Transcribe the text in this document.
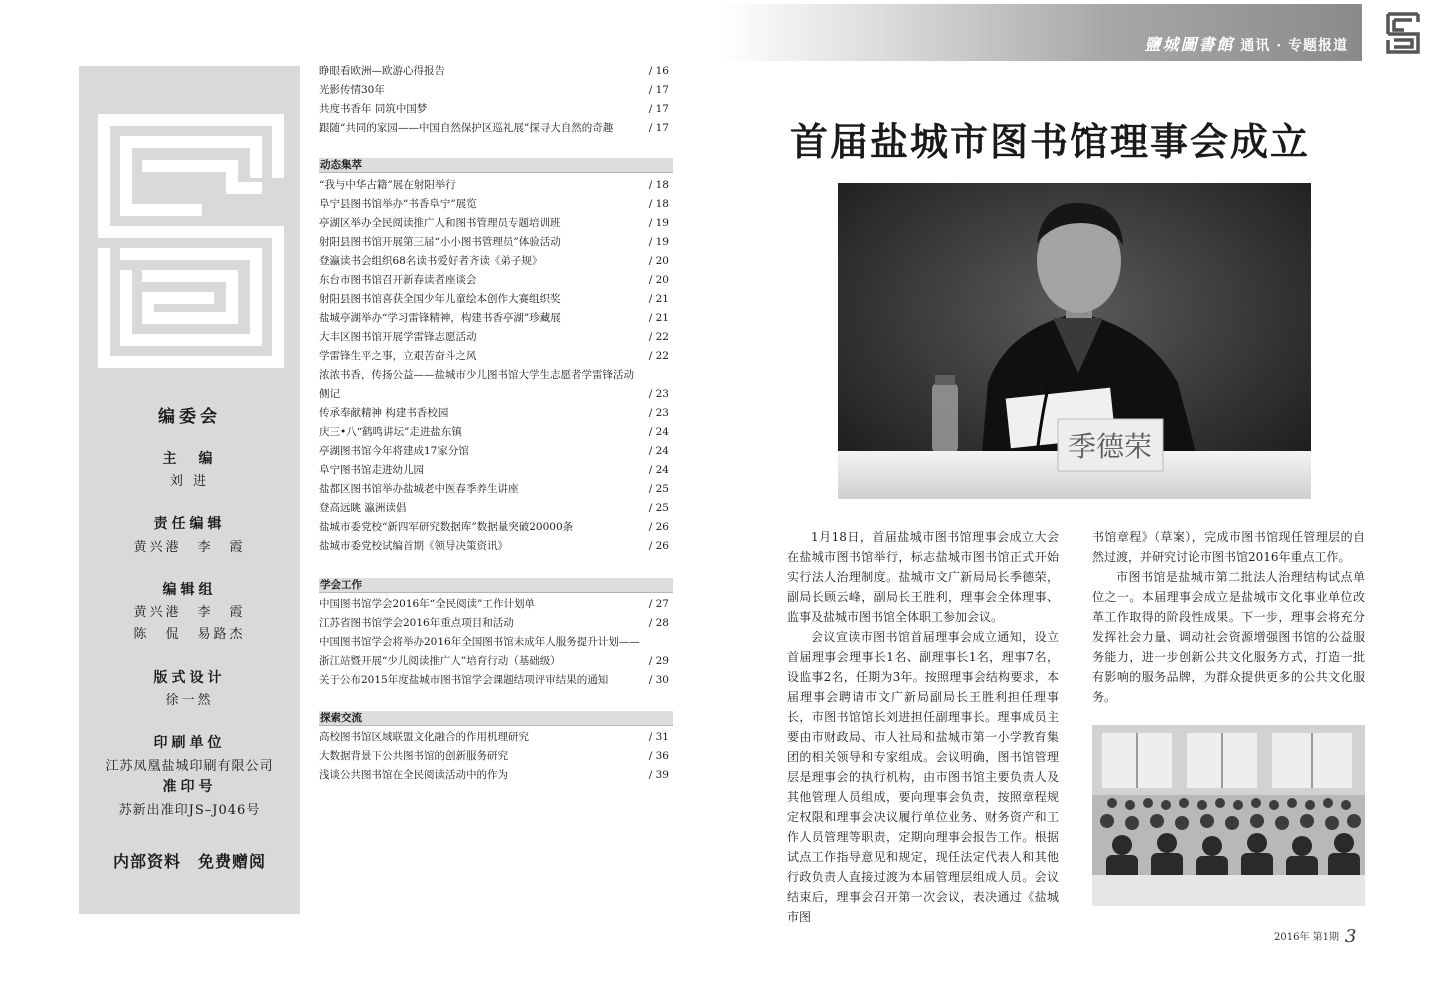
编委会
主　编
刘 进
责任编辑
黄兴港　李　霞
编辑组
黄兴港　李　霞
陈　侃　易路杰
版式设计
徐一然
印刷单位
江苏凤凰盐城印刷有限公司
准印号
苏新出准印JS–J046号
内部资料　免费赠阅
睁眼看欧洲—欧游心得报告	/ 16
光影传情30年	/ 17
共度书香年 同筑中国梦	/ 17
跟随“共同的家园——中国自然保护区巡礼展”探寻大自然的奇趣	/ 17
动态集萃
“我与中华古籍”展在射阳举行	/ 18
阜宁县图书馆举办“书香阜宁”展览	/ 18
亭湖区举办全民阅读推广人和图书管理员专题培训班	/ 19
射阳县图书馆开展第三届“小小图书管理员”体验活动	/ 19
登瀛读书会组织68名读书爱好者齐读《弟子规》	/ 20
东台市图书馆召开新春读者座谈会	/ 20
射阳县图书馆喜获全国少年儿童绘本创作大赛组织奖	/ 21
盐城亭湖举办“学习雷锋精神，构建书香亭湖”珍藏展	/ 21
大丰区图书馆开展学雷锋志愿活动	/ 22
学雷锋生平之事，立艰苦奋斗之风	/ 22
浓浓书香，传扬公益——盐城市少儿图书馆大学生志愿者学雷锋活动
侧记	/ 23
传承奉献精神 构建书香校园	/ 23
庆三•八“鹤鸣讲坛”走进盐东镇	/ 24
亭湖图书馆今年将建成17家分馆	/ 24
阜宁图书馆走进幼儿园	/ 24
盐都区图书馆举办盐城老中医春季养生讲座	/ 25
登高远眺 瀛洲读倡	/ 25
盐城市委党校“新四军研究数据库”数据量突破20000条	/ 26
盐城市委党校试编首期《领导决策资讯》	/ 26
学会工作
中国图书馆学会2016年“全民阅读”工作计划单	/ 27
江苏省图书馆学会2016年重点项目和活动	/ 28
中国图书馆学会将举办2016年全国图书馆未成年人服务提升计划——
浙江站暨开展“少儿阅读推广人”培育行动（基础级）	/ 29
关于公布2015年度盐城市图书馆学会课题结项评审结果的通知	/ 30
探索交流
高校图书馆区域联盟文化融合的作用机理研究	/ 31
大数据背景下公共图书馆的创新服务研究	/ 36
浅谈公共图书馆在全民阅读活动中的作为	/ 39
鹽城圖書館 通讯 · 专题报道
首届盐城市图书馆理事会成立
季德荣

1月18日，首届盐城市图书馆理事会成立大会在盐城市图书馆举行，标志盐城市图书馆正式开始实行法人治理制度。盐城市文广新局局长季德荣，副局长顾云峰，副局长王胜利，理事会全体理事、监事及盐城市图书馆全体职工参加会议。

会议宣读市图书馆首届理事会成立通知，设立首届理事会理事长1名、副理事长1名，理事7名，设监事2名，任期为3年。按照理事会结构要求，本届理事会聘请市文广新局副局长王胜利担任理事长，市图书馆馆长刘进担任副理事长。理事成员主要由市财政局、市人社局和盐城市第一小学教育集团的相关领导和专家组成。会议明确，图书馆管理层是理事会的执行机构，由市图书馆主要负责人及其他管理人员组成，要向理事会负责，按照章程规定权限和理事会决议履行单位业务、财务资产和工作人员管理等职责，定期向理事会报告工作。根据试点工作指导意见和规定，现任法定代表人和其他行政负责人直接过渡为本届管理层组成人员。会议结束后，理事会召开第一次会议，表决通过《盐城市图

书馆章程》（草案），完成市图书馆现任管理层的自然过渡，并研究讨论市图书馆2016年重点工作。

市图书馆是盐城市第二批法人治理结构试点单位之一。本届理事会成立是盐城市文化事业单位改革工作取得的阶段性成果。下一步，理事会将充分发挥社会力量、调动社会资源增强图书馆的公益服务能力，进一步创新公共文化服务方式，打造一批有影响的服务品牌，为群众提供更多的公共文化服务。

2016年 第1期 3
